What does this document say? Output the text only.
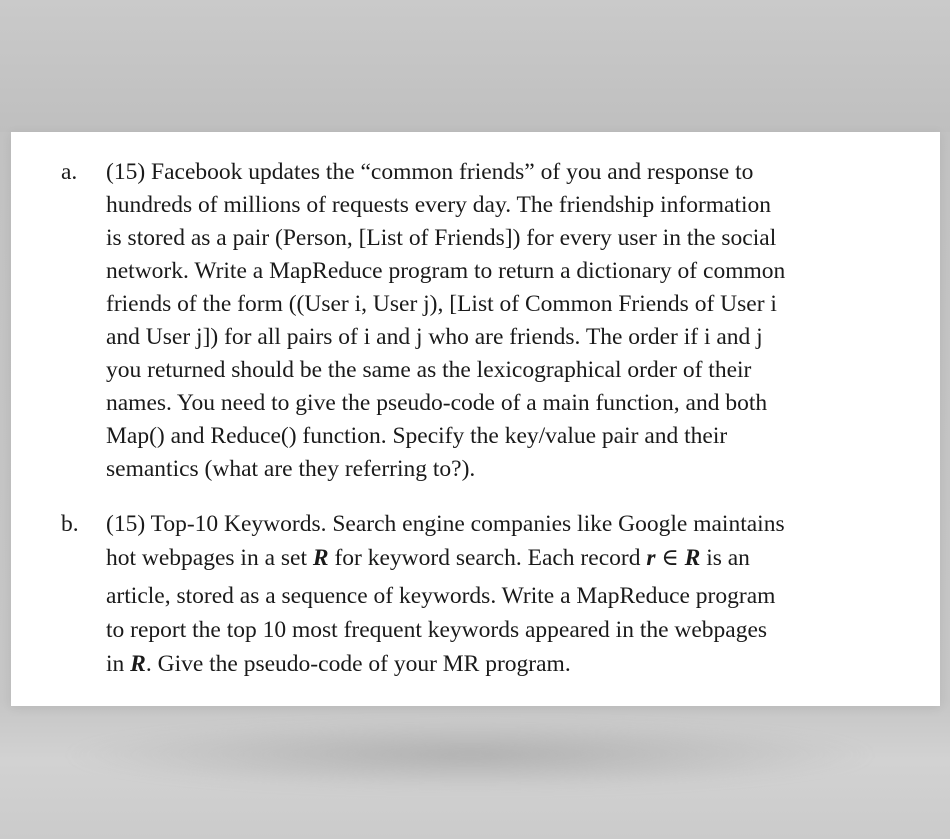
a. (15) Facebook updates the “common friends” of you and response to
hundreds of millions of requests every day. The friendship information
is stored as a pair (Person, [List of Friends]) for every user in the social
network. Write a MapReduce program to return a dictionary of common
friends of the form ((User i, User j), [List of Common Friends of User i
and User j]) for all pairs of i and j who are friends. The order if i and j
you returned should be the same as the lexicographical order of their
names. You need to give the pseudo-code of a main function, and both
Map() and Reduce() function. Specify the key/value pair and their
semantics (what are they referring to?).
b. (15) Top-10 Keywords. Search engine companies like Google maintains
hot webpages in a set R for keyword search. Each record r ∈ R is an
article, stored as a sequence of keywords. Write a MapReduce program
to report the top 10 most frequent keywords appeared in the webpages
in R. Give the pseudo-code of your MR program.
